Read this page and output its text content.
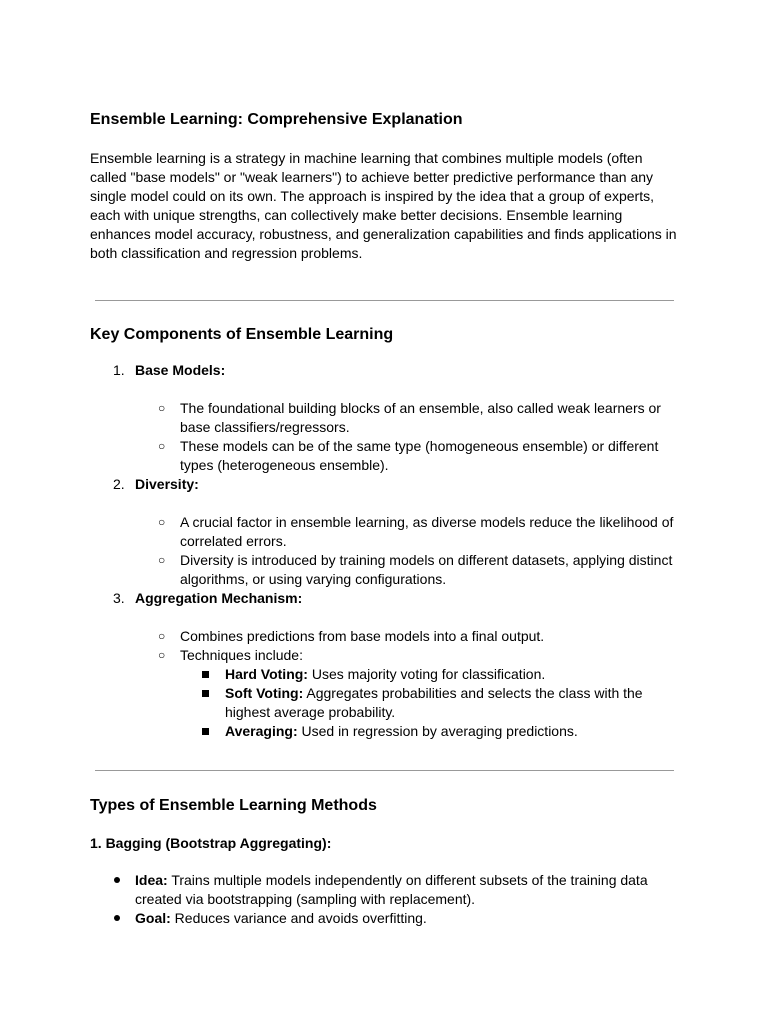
Ensemble Learning: Comprehensive Explanation

Ensemble learning is a strategy in machine learning that combines multiple models (often called "base models" or "weak learners") to achieve better predictive performance than any single model could on its own. The approach is inspired by the idea that a group of experts, each with unique strengths, can collectively make better decisions. Ensemble learning enhances model accuracy, robustness, and generalization capabilities and finds applications in both classification and regression problems.

Key Components of Ensemble Learning
1. Base Models:
○ The foundational building blocks of an ensemble, also called weak learners or base classifiers/regressors.
○ These models can be of the same type (homogeneous ensemble) or different types (heterogeneous ensemble).
2. Diversity:
○ A crucial factor in ensemble learning, as diverse models reduce the likelihood of correlated errors.
○ Diversity is introduced by training models on different datasets, applying distinct algorithms, or using varying configurations.
3. Aggregation Mechanism:
○ Combines predictions from base models into a final output.
○ Techniques include:
Hard Voting: Uses majority voting for classification.
Soft Voting: Aggregates probabilities and selects the class with the highest average probability.
Averaging: Used in regression by averaging predictions.
Types of Ensemble Learning Methods
1. Bagging (Bootstrap Aggregating):
Idea: Trains multiple models independently on different subsets of the training data created via bootstrapping (sampling with replacement).
Goal: Reduces variance and avoids overfitting.
